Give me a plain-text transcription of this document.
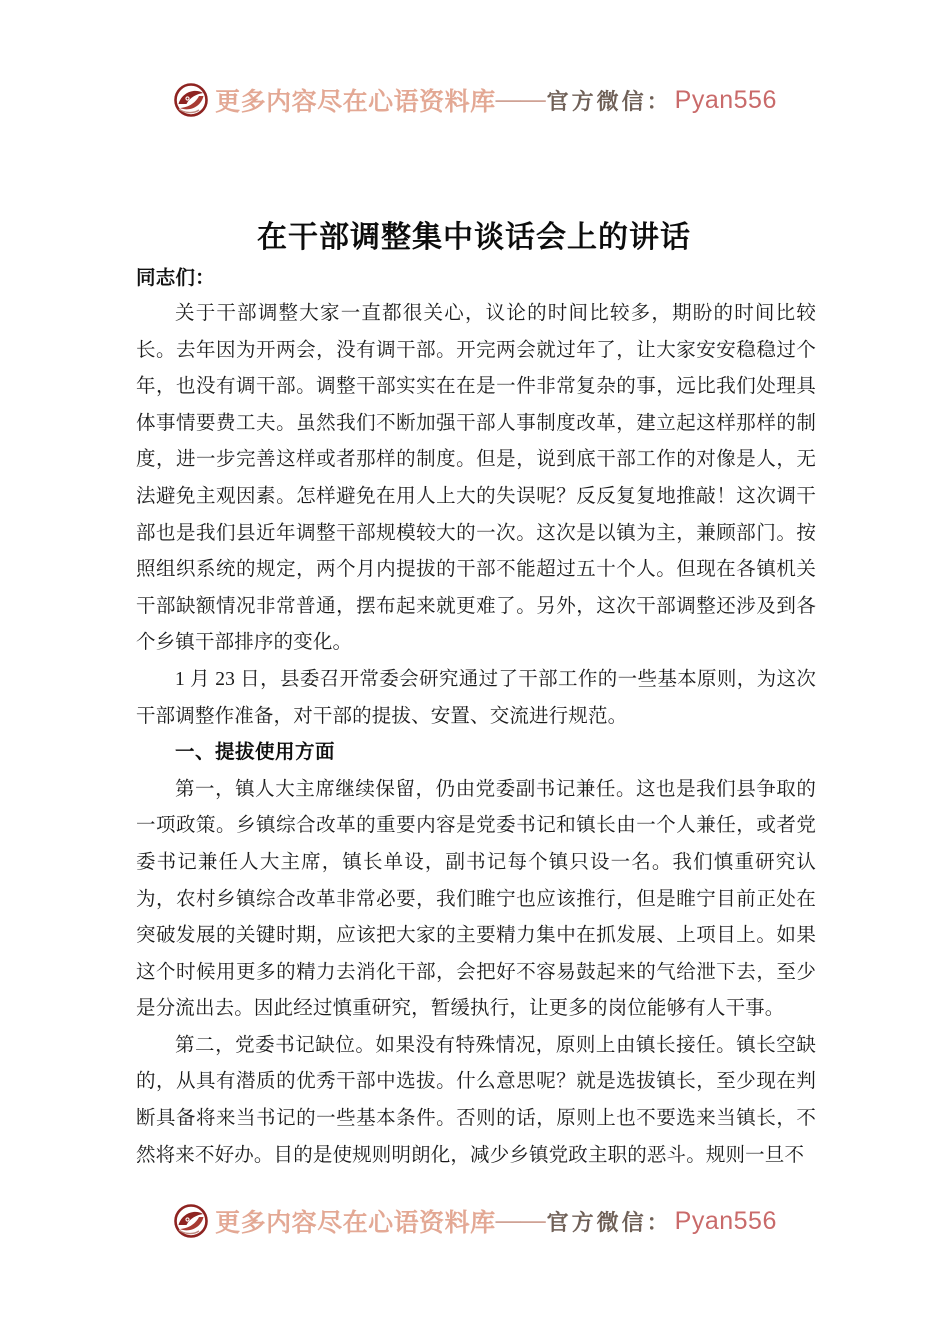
更多内容尽在心语资料库 —— 官方微信 ： Pyan556
在干部调整集中谈话会上的讲话
同志们：

关于干部调整大家一直都很关心，议论的时间比较多，期盼的时间比较长。去年因为开两会，没有调干部。开完两会就过年了，让大家安安稳稳过个年，也没有调干部。调整干部实实在在是一件非常复杂的事，远比我们处理具体事情要费工夫。虽然我们不断加强干部人事制度改革，建立起这样那样的制度，进一步完善这样或者那样的制度。但是，说到底干部工作的对像是人，无法避免主观因素。怎样避免在用人上大的失误呢？反反复复地推敲！这次调干部也是我们县近年调整干部规模较大的一次。这次是以镇为主，兼顾部门。按照组织系统的规定，两个月内提拔的干部不能超过五十个人。但现在各镇机关干部缺额情况非常普通，摆布起来就更难了。另外，这次干部调整还涉及到各个乡镇干部排序的变化。

1 月 23 日，县委召开常委会研究通过了干部工作的一些基本原则，为这次干部调整作准备，对干部的提拔、安置、交流进行规范。

一、提拔使用方面

第一，镇人大主席继续保留，仍由党委副书记兼任。这也是我们县争取的一项政策。乡镇综合改革的重要内容是党委书记和镇长由一个人兼任，或者党委书记兼任人大主席，镇长单设，副书记每个镇只设一名。我们慎重研究认为，农村乡镇综合改革非常必要，我们睢宁也应该推行，但是睢宁目前正处在突破发展的关键时期，应该把大家的主要精力集中在抓发展、上项目上。如果这个时候用更多的精力去消化干部，会把好不容易鼓起来的气给泄下去，至少是分流出去。因此经过慎重研究，暂缓执行，让更多的岗位能够有人干事。

第二，党委书记缺位。如果没有特殊情况，原则上由镇长接任。镇长空缺的，从具有潜质的优秀干部中选拔。什么意思呢？就是选拔镇长，至少现在判断具备将来当书记的一些基本条件。否则的话，原则上也不要选来当镇长，不然将来不好办。目的是使规则明朗化，减少乡镇党政主职的恶斗。规则一旦不

更多内容尽在心语资料库 —— 官方微信 ： Pyan556
